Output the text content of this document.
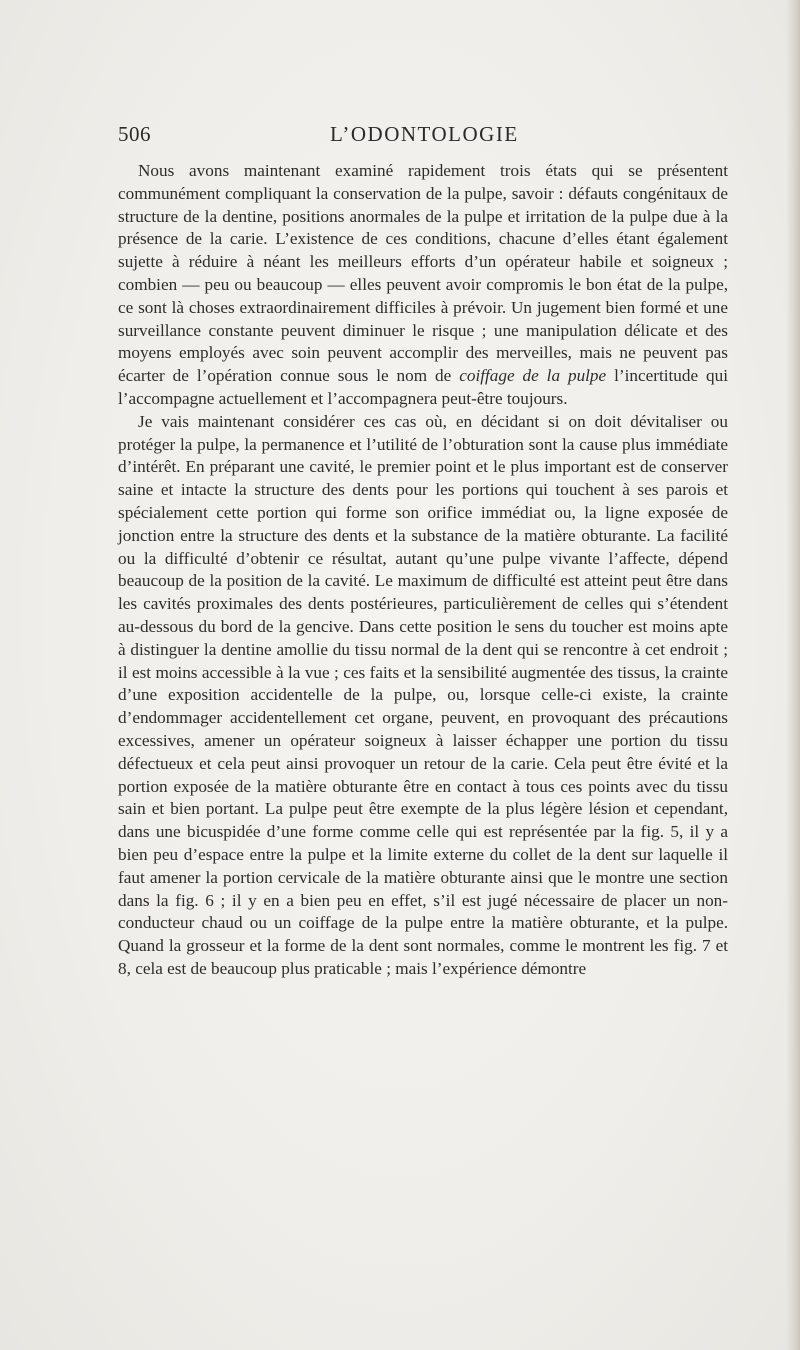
506	L’ODONTOLOGIE

Nous avons maintenant examiné rapidement trois états qui se présentent communément compliquant la conservation de la pulpe, savoir : défauts congénitaux de structure de la dentine, positions anormales de la pulpe et irritation de la pulpe due à la présence de la carie. L’existence de ces conditions, chacune d’elles étant également sujette à réduire à néant les meilleurs efforts d’un opérateur habile et soigneux ; combien — peu ou beaucoup — elles peuvent avoir compromis le bon état de la pulpe, ce sont là choses extraordinairement difficiles à prévoir. Un jugement bien formé et une surveillance constante peuvent diminuer le risque ; une manipulation délicate et des moyens employés avec soin peuvent accomplir des merveilles, mais ne peuvent pas écarter de l’opération connue sous le nom de coiffage de la pulpe l’incertitude qui l’accompagne actuellement et l’accompagnera peut-être toujours.

Je vais maintenant considérer ces cas où, en décidant si on doit dévitaliser ou protéger la pulpe, la permanence et l’utilité de l’obturation sont la cause plus immédiate d’intérêt. En préparant une cavité, le premier point et le plus important est de conserver saine et intacte la structure des dents pour les portions qui touchent à ses parois et spécialement cette portion qui forme son orifice immédiat ou, la ligne exposée de jonction entre la structure des dents et la substance de la matière obturante. La facilité ou la difficulté d’obtenir ce résultat, autant qu’une pulpe vivante l’affecte, dépend beaucoup de la position de la cavité. Le maximum de difficulté est atteint peut être dans les cavités proximales des dents postérieures, particulièrement de celles qui s’étendent au-dessous du bord de la gencive. Dans cette position le sens du toucher est moins apte à distinguer la dentine amollie du tissu normal de la dent qui se rencontre à cet endroit ; il est moins accessible à la vue ; ces faits et la sensibilité augmentée des tissus, la crainte d’une exposition accidentelle de la pulpe, ou, lorsque celle-ci existe, la crainte d’endommager accidentellement cet organe, peuvent, en provoquant des précautions excessives, amener un opérateur soigneux à laisser échapper une portion du tissu défectueux et cela peut ainsi provoquer un retour de la carie. Cela peut être évité et la portion exposée de la matière obturante être en contact à tous ces points avec du tissu sain et bien portant. La pulpe peut être exempte de la plus légère lésion et cependant, dans une bicuspidée d’une forme comme celle qui est représentée par la fig. 5, il y a bien peu d’espace entre la pulpe et la limite externe du collet de la dent sur laquelle il faut amener la portion cervicale de la matière obturante ainsi que le montre une section dans la fig. 6 ; il y en a bien peu en effet, s’il est jugé nécessaire de placer un non-conducteur chaud ou un coiffage de la pulpe entre la matière obturante, et la pulpe. Quand la grosseur et la forme de la dent sont normales, comme le montrent les fig. 7 et 8, cela est de beaucoup plus praticable ; mais l’expérience démontre
